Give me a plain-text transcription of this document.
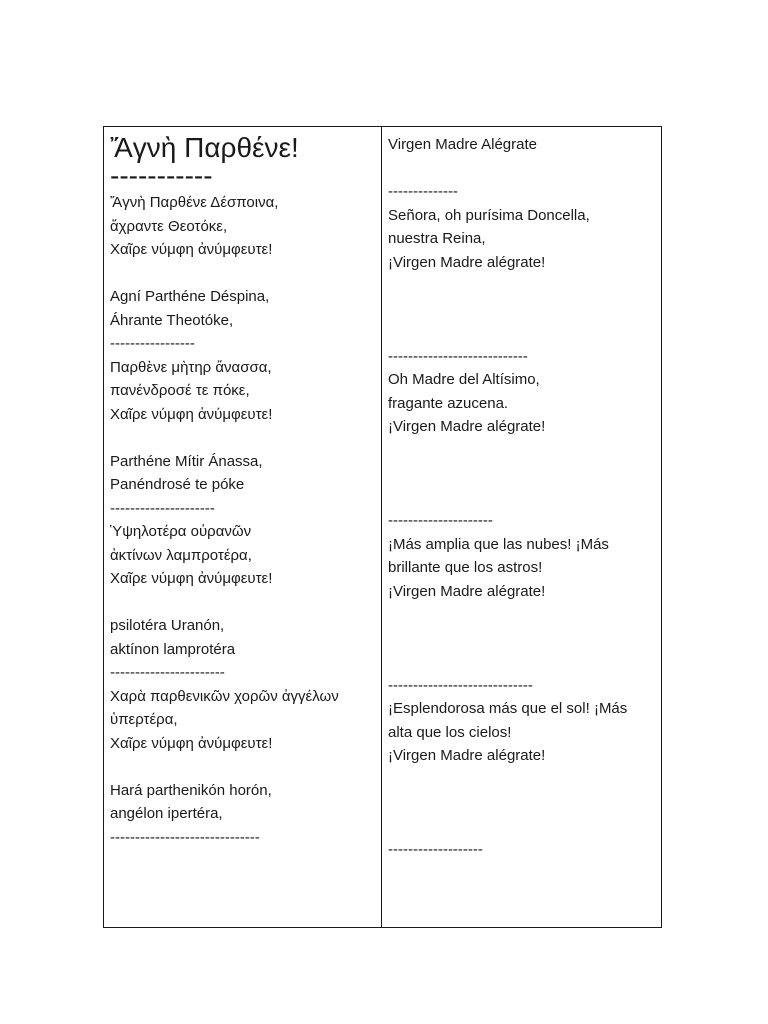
Ἄγνὴ Παρθένε!
-----------
Ἄγνὴ Παρθένε Δέσποινα,
ἄχραντε Θεοτόκε,
Χαῖρε νύμφη ἀνύμφευτε!
Agní Parthéne Déspina,
Áhrante Theotóke,
-----------------
Παρθὲνε μὴτηρ ἄνασσα,
πανένδροσέ τε πόκε,
Χαῖρε νύμφη ἀνύμφευτε!
Parthéne Mítir Ánassa,
Panéndrosé te póke
---------------------
Ὑψηλοτέρα οὐρανῶν
ἀκτίνων λαμπροτέρα,
Χαῖρε νύμφη ἀνύμφευτε!
psilotéra Uranón,
aktínon lamprotéra
-----------------------
Χαρὰ παρθενικῶν χορῶν ἀγγέλων
ὑπερτέρα,
Χαῖρε νύμφη ἀνύμφευτε!
Hará parthenikón horón,
angélon ipertéra,
------------------------------

Virgen Madre Alégrate
--------------
Señora, oh purísima Doncella,
nuestra Reina,
¡Virgen Madre alégrate!
----------------------------
Oh Madre del Altísimo,
fragante azucena.
¡Virgen Madre alégrate!
---------------------
¡Más amplia que las nubes! ¡Más
brillante que los astros!
¡Virgen Madre alégrate!
-----------------------------
¡Esplendorosa más que el sol! ¡Más
alta que los cielos!
¡Virgen Madre alégrate!
-------------------
